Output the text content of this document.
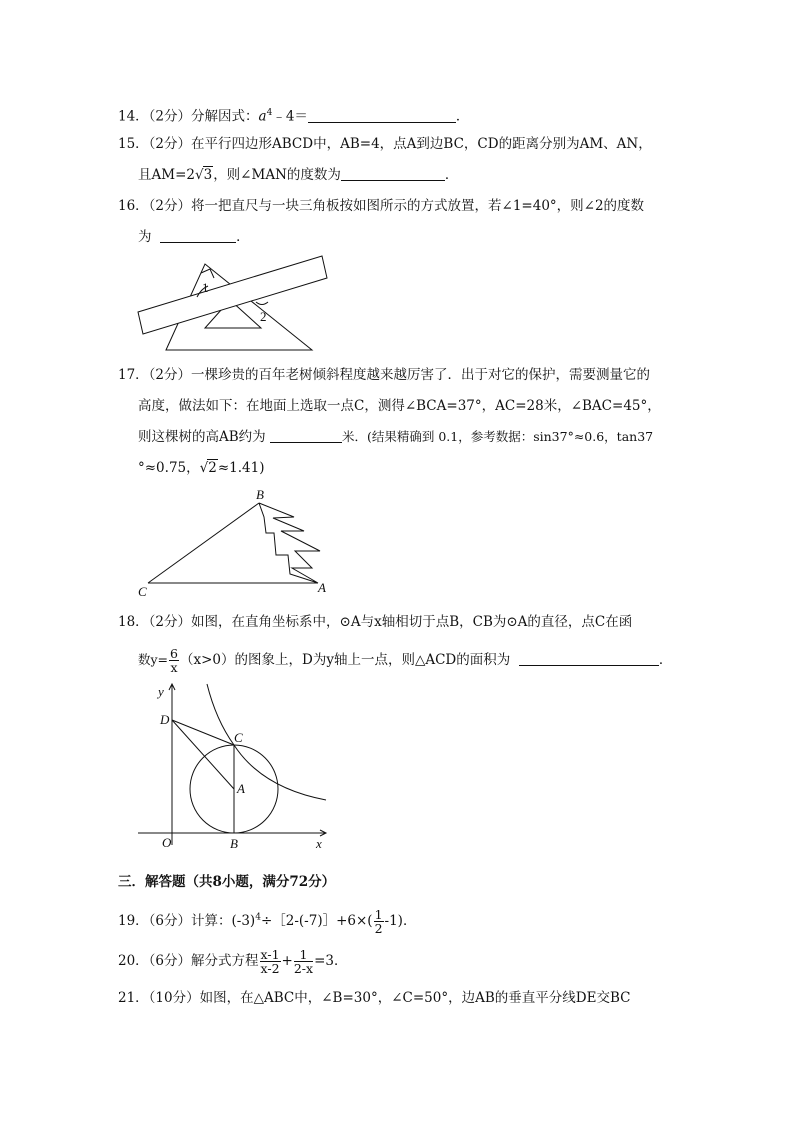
14．（2分）分解因式：$a^4﹣4=$	．
15．（2分）在平行四边形ABCD中，AB=4，点A到边BC，CD的距离分别为AM、AN，
且AM=2√3，则∠MAN的度数为	．
16．（2分）将一把直尺与一块三角板按如图所示的方式放置，若∠1=40°，则∠2的度数
为	．
1
2
17．（2分）一棵珍贵的百年老树倾斜程度越来越厉害了．出于对它的保护，需要测量它的
高度，做法如下：在地面上选取一点C，测得∠BCA=37°，AC=28米，∠BAC=45°，
则这棵树的高AB约为	米．(结果精确到 0.1，参考数据：sin37°≈0.6，tan37
°≈0.75，√2≈1.41)
B
C	A
18．（2分）如图，在直角坐标系中，⊙A与x轴相切于点B，CB为⊙A的直径，点C在函
数$y= \frac{6}{x} (x>0)$的图象上，D为y轴上一点，则△ACD的面积为	．
y
x
D
C
A
O	B
三．解答题（共8小题，满分72分）
19．（6分）计算：$(-3)^4\div[2-(-7)]+6\times( \frac{1}{2} -1)$．
20．（6分）解分式方程 $\frac{x-1}{x-2} + \frac{1}{2-x} =3$．
21．（10分）如图，在△ABC中，∠B=30°，∠C=50°，边AB的垂直平分线DE交BC
